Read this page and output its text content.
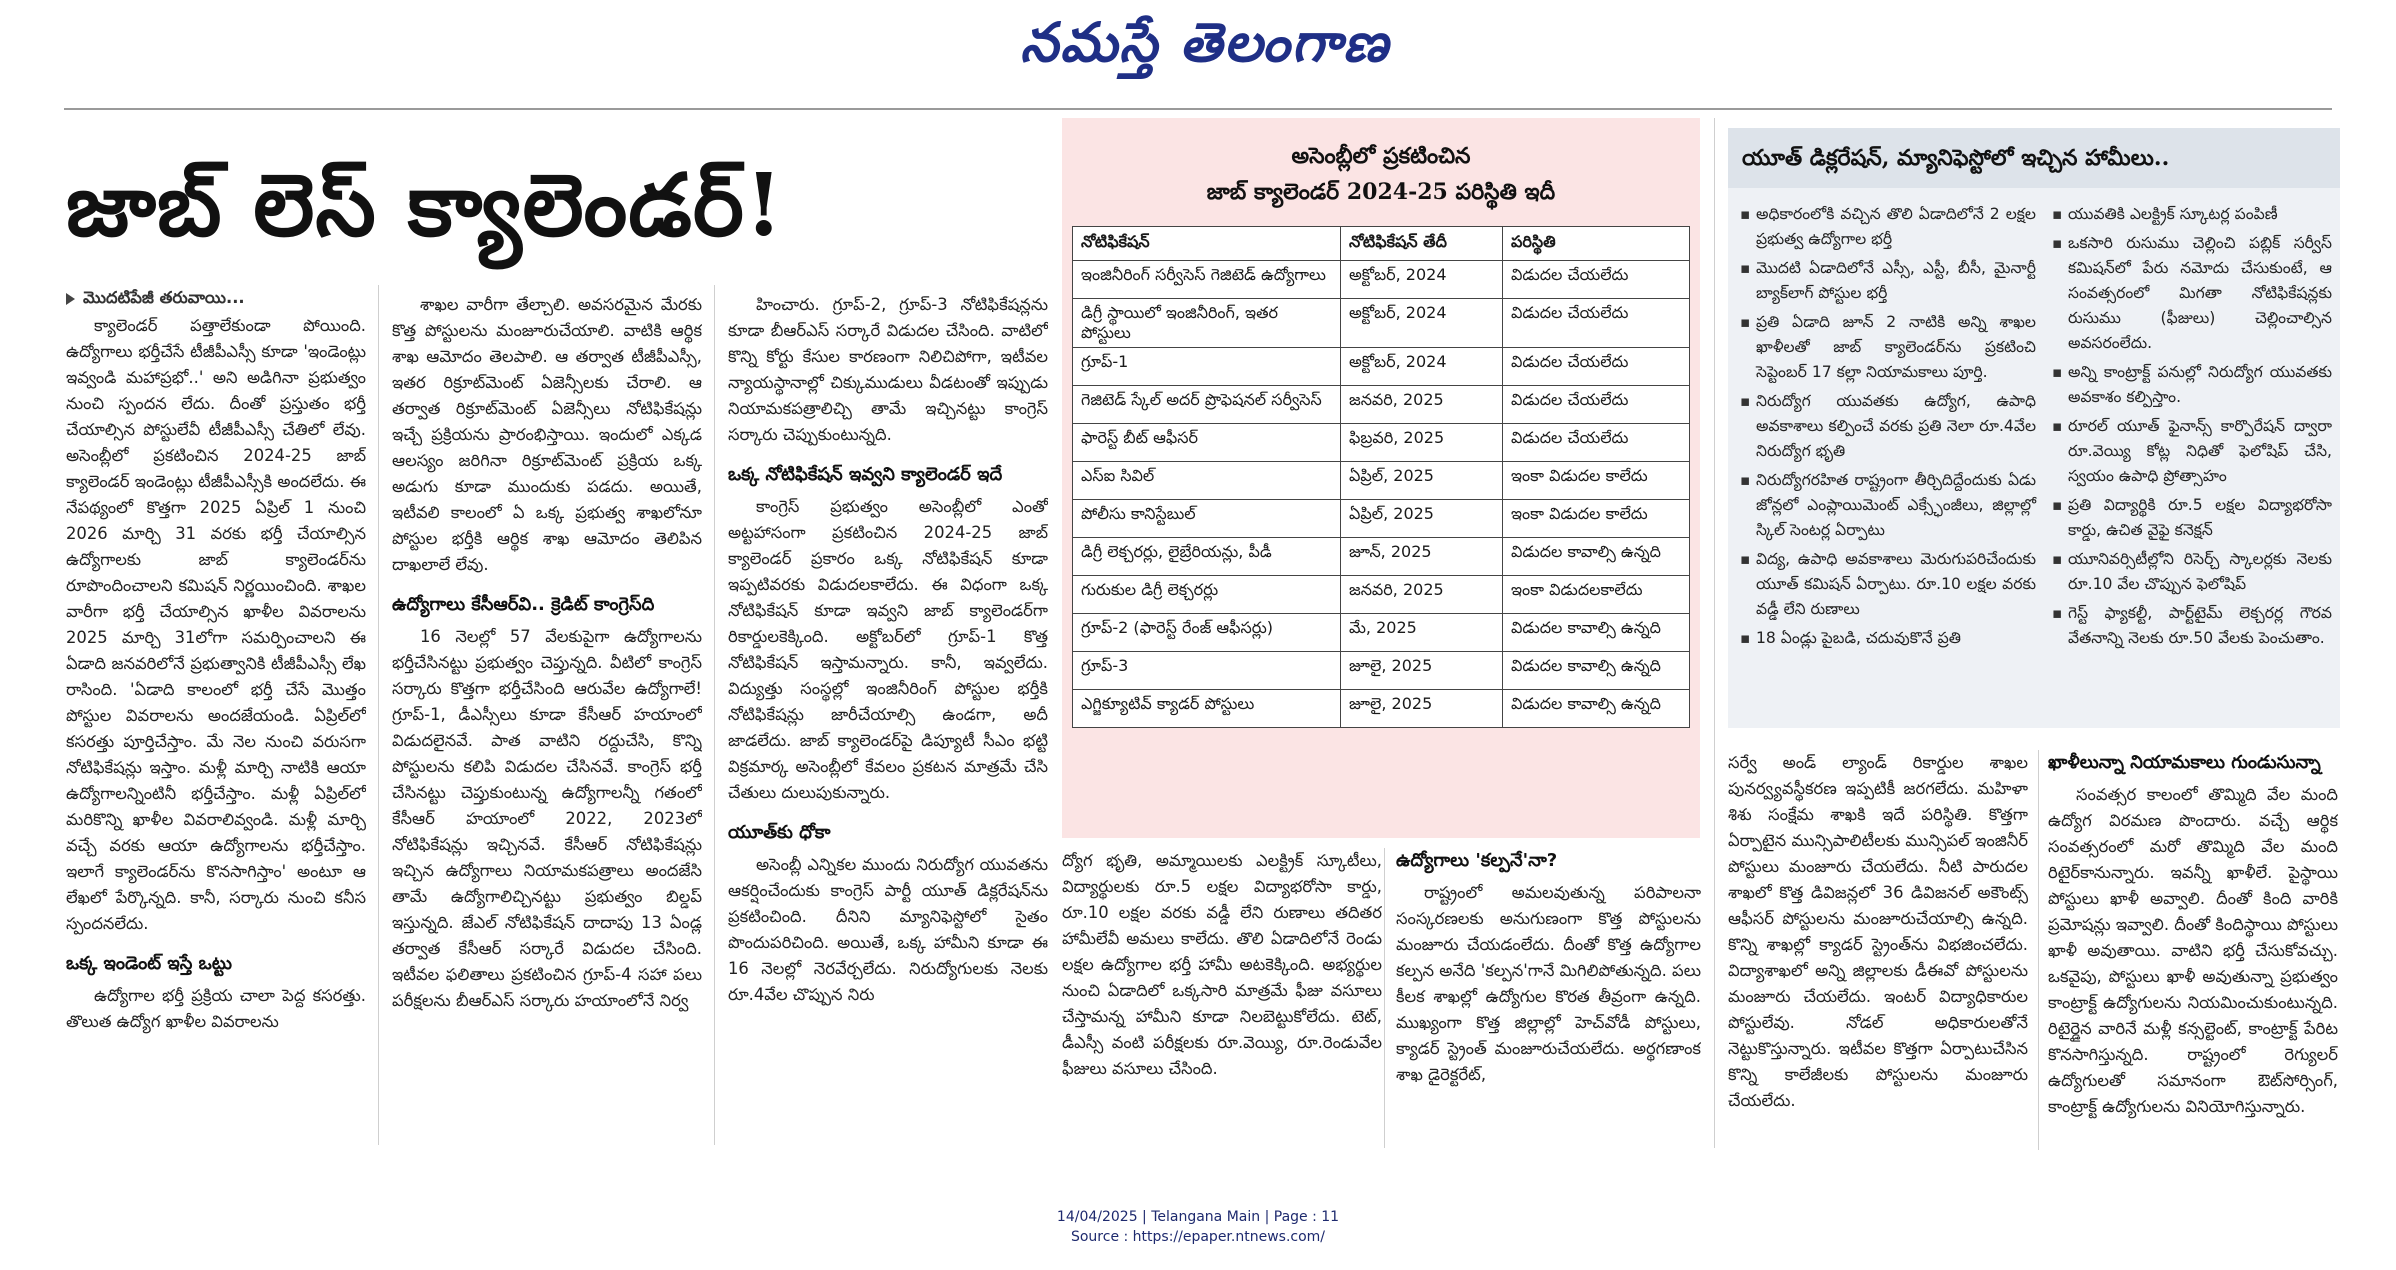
నమస్తే తెలంగాణ
జాబ్ లెస్ క్యాలెండర్!

మొదటిపేజీ తరువాయి...

క్యాలెండర్ పత్తాలేకుండా పోయింది. ఉద్యోగాలు భర్తీచేసే టీజీపీఎస్సీ కూడా 'ఇండెంట్లు ఇవ్వండి మహాప్రభో..' అని అడిగినా ప్రభుత్వం నుంచి స్పందన లేదు. దీంతో ప్రస్తుతం భర్తీ చేయాల్సిన పోస్టులేవీ టీజీపీఎస్సీ చేతిలో లేవు. అసెంబ్లీలో ప్రకటించిన 2024-25 జాబ్ క్యాలెండర్ ఇండెంట్లు టీజీపీఎస్సీకి అందలేదు. ఈ నేపథ్యంలో కొత్తగా 2025 ఏప్రిల్ 1 నుంచి 2026 మార్చి 31 వరకు భర్తీ చేయాల్సిన ఉద్యోగాలకు జాబ్ క్యాలెండర్‌ను రూపొందించాలని కమిషన్ నిర్ణయించింది. శాఖల వారీగా భర్తీ చేయాల్సిన ఖాళీల వివరాలను 2025 మార్చి 31లోగా సమర్పించాలని ఈ ఏడాది జనవరిలోనే ప్రభుత్వానికి టీజీపీఎస్సీ లేఖ రాసింది. 'ఏడాది కాలంలో భర్తీ చేసే మొత్తం పోస్టుల వివరాలను అందజేయండి. ఏప్రిల్‌లో కసరత్తు పూర్తిచేస్తాం. మే నెల నుంచి వరుసగా నోటిఫికేషన్లు ఇస్తాం. మళ్లీ మార్చి నాటికి ఆయా ఉద్యోగాలన్నింటినీ భర్తీచేస్తాం. మళ్లీ ఏప్రిల్‌లో మరికొన్ని ఖాళీల వివరాలివ్వండి. మళ్లీ మార్చి వచ్చే వరకు ఆయా ఉద్యోగాలను భర్తీచేస్తాం. ఇలాగే క్యాలెండర్‌ను కొనసాగిస్తాం' అంటూ ఆ లేఖలో పేర్కొన్నది. కానీ, సర్కారు నుంచి కనీస స్పందనలేదు.

ఒక్క ఇండెంట్ ఇస్తే ఒట్టు

ఉద్యోగాల భర్తీ ప్రక్రియ చాలా పెద్ద కసరత్తు. తొలుత ఉద్యోగ ఖాళీల వివరాలను

శాఖల వారీగా తేల్చాలి. అవసరమైన మేరకు కొత్త పోస్టులను మంజూరుచేయాలి. వాటికి ఆర్థిక శాఖ ఆమోదం తెలపాలి. ఆ తర్వాత టీజీపీఎస్సీ, ఇతర రిక్రూట్‌మెంట్ ఏజెన్సీలకు చేరాలి. ఆ తర్వాత రిక్రూట్‌మెంట్ ఏజెన్సీలు నోటిఫికేషన్లు ఇచ్చే ప్రక్రియను ప్రారంభిస్తాయి. ఇందులో ఎక్కడ ఆలస్యం జరిగినా రిక్రూట్‌మెంట్ ప్రక్రియ ఒక్క అడుగు కూడా ముందుకు పడదు. అయితే, ఇటీవలి కాలంలో ఏ ఒక్క ప్రభుత్వ శాఖలోనూ పోస్టుల భర్తీకి ఆర్థిక శాఖ ఆమోదం తెలిపిన దాఖలాలే లేవు.

ఉద్యోగాలు కేసీఆర్‌వి.. క్రెడిట్ కాంగ్రెస్‌ది

16 నెలల్లో 57 వేలకుపైగా ఉద్యోగాలను భర్తీచేసినట్టు ప్రభుత్వం చెప్తున్నది. వీటిలో కాంగ్రెస్ సర్కారు కొత్తగా భర్తీచేసింది ఆరువేల ఉద్యోగాలే! గ్రూప్-1, డీఎస్సీలు కూడా కేసీఆర్ హయాంలో విడుదలైనవే. పాత వాటిని రద్దుచేసి, కొన్ని పోస్టులను కలిపి విడుదల చేసినవే. కాంగ్రెస్ భర్తీ చేసినట్టు చెప్తుకుంటున్న ఉద్యోగాలన్నీ గతంలో కేసీఆర్ హయాంలో 2022, 2023లో నోటిఫికేషన్లు ఇచ్చినవే. కేసీఆర్ నోటిఫికేషన్లు ఇచ్చిన ఉద్యోగాలు నియామకపత్రాలు అందజేసి తామే ఉద్యోగాలిచ్చినట్టు ప్రభుత్వం బిల్డప్ ఇస్తున్నది. జేఎల్ నోటిఫికేషన్ దాదాపు 13 ఏండ్ల తర్వాత కేసీఆర్ సర్కారే విడుదల చేసింది. ఇటీవల ఫలితాలు ప్రకటించిన గ్రూప్-4 సహా పలు పరీక్షలను బీఆర్‌ఎస్ సర్కారు హయాంలోనే నిర్వ

హించారు. గ్రూప్-2, గ్రూప్-3 నోటిఫికేషన్లను కూడా బీఆర్‌ఎస్ సర్కారే విడుదల చేసింది. వాటిలో కొన్ని కోర్టు కేసుల కారణంగా నిలిచిపోగా, ఇటీవల న్యాయస్థానాల్లో చిక్కుముడులు వీడటంతో ఇప్పుడు నియామకపత్రాలిచ్చి తామే ఇచ్చినట్టు కాంగ్రెస్ సర్కారు చెప్పుకుంటున్నది.

ఒక్క నోటిఫికేషన్ ఇవ్వని క్యాలెండర్ ఇదే

కాంగ్రెస్ ప్రభుత్వం అసెంబ్లీలో ఎంతో అట్టహాసంగా ప్రకటించిన 2024-25 జాబ్ క్యాలెండర్ ప్రకారం ఒక్క నోటిఫికేషన్ కూడా ఇప్పటివరకు విడుదలకాలేదు. ఈ విధంగా ఒక్క నోటిఫికేషన్ కూడా ఇవ్వని జాబ్ క్యాలెండర్‌గా రికార్డులకెక్కింది. అక్టోబర్‌లో గ్రూప్-1 కొత్త నోటిఫికేషన్ ఇస్తామన్నారు. కానీ, ఇవ్వలేదు. విద్యుత్తు సంస్థల్లో ఇంజినీరింగ్ పోస్టుల భర్తీకి నోటిఫికేషన్లు జారీచేయాల్సి ఉండగా, అదీ జాడలేదు. జాబ్ క్యాలెండర్‌పై డిప్యూటీ సీఎం భట్టి విక్రమార్క అసెంబ్లీలో కేవలం ప్రకటన మాత్రమే చేసి చేతులు దులుపుకున్నారు.

యూత్‌కు ధోకా

అసెంబ్లీ ఎన్నికల ముందు నిరుద్యోగ యువతను ఆకర్షించేందుకు కాంగ్రెస్ పార్టీ యూత్ డిక్లరేషన్‌ను ప్రకటించింది. దీనిని మ్యానిఫెస్టోలో సైతం పొందుపరిచింది. అయితే, ఒక్క హామీని కూడా ఈ 16 నెలల్లో నెరవేర్చలేదు. నిరుద్యోగులకు నెలకు రూ.4వేల చొప్పున నిరు

అసెంబ్లీలో ప్రకటించిన
జాబ్ క్యాలెండర్ 2024-25 పరిస్థితి ఇదీ
నోటిఫికేషన్	నోటిఫికేషన్ తేదీ	పరిస్థితి
ఇంజినీరింగ్ సర్వీసెస్ గెజిటెడ్ ఉద్యోగాలు	అక్టోబర్, 2024	విడుదల చేయలేదు
డిగ్రీ స్థాయిలో ఇంజినీరింగ్, ఇతర పోస్టులు	అక్టోబర్, 2024	విడుదల చేయలేదు
గ్రూప్-1	అక్టోబర్, 2024	విడుదల చేయలేదు
గెజిటెడ్ స్కేల్ అదర్ ప్రొఫెషనల్ సర్వీసెస్	జనవరి, 2025	విడుదల చేయలేదు
ఫారెస్ట్ బీట్ ఆఫీసర్	ఫిబ్రవరి, 2025	విడుదల చేయలేదు
ఎస్‌ఐ సివిల్	ఏప్రిల్, 2025	ఇంకా విడుదల కాలేదు
పోలీసు కానిస్టేబుల్	ఏప్రిల్, 2025	ఇంకా విడుదల కాలేదు
డిగ్రీ లెక్చరర్లు, లైబ్రేరియన్లు, పీడీ	జూన్, 2025	విడుదల కావాల్సి ఉన్నది
గురుకుల డిగ్రీ లెక్చరర్లు	జనవరి, 2025	ఇంకా విడుదలకాలేదు
గ్రూప్-2 (ఫారెస్ట్ రేంజ్ ఆఫీసర్లు)	మే, 2025	విడుదల కావాల్సి ఉన్నది
గ్రూప్-3	జూలై, 2025	విడుదల కావాల్సి ఉన్నది
ఎగ్జిక్యూటివ్ క్యాడర్ పోస్టులు	జూలై, 2025	విడుదల కావాల్సి ఉన్నది

ద్యోగ భృతి, అమ్మాయిలకు ఎలక్ట్రిక్ స్కూటీలు, విద్యార్థులకు రూ.5 లక్షల విద్యాభరోసా కార్డు, రూ.10 లక్షల వరకు వడ్డీ లేని రుణాలు తదితర హామీలేవీ అమలు కాలేదు. తొలి ఏడాదిలోనే రెండు లక్షల ఉద్యోగాల భర్తీ హామీ అటకెక్కింది. అభ్యర్థుల నుంచి ఏడాదిలో ఒక్కసారి మాత్రమే ఫీజు వసూలు చేస్తామన్న హామీని కూడా నిలబెట్టుకోలేదు. టెట్, డీఎస్సీ వంటి పరీక్షలకు రూ.వెయ్యి, రూ.రెండువేల ఫీజులు వసూలు చేసింది.

ఉద్యోగాలు 'కల్పనే'నా?

రాష్ట్రంలో అమలవుతున్న పరిపాలనా సంస్కరణలకు అనుగుణంగా కొత్త పోస్టులను మంజూరు చేయడంలేదు. దీంతో కొత్త ఉద్యోగాల కల్పన అనేది 'కల్పన'గానే మిగిలిపోతున్నది. పలు కీలక శాఖల్లో ఉద్యోగుల కొరత తీవ్రంగా ఉన్నది. ముఖ్యంగా కొత్త జిల్లాల్లో హెచ్‌వోడీ పోస్టులు, క్యాడర్ స్ట్రెంత్ మంజూరుచేయలేదు. అర్థగణాంక శాఖ డైరెక్టరేట్,

యూత్ డిక్లరేషన్, మ్యానిఫెస్టోలో ఇచ్చిన హామీలు..
▪ అధికారంలోకి వచ్చిన తొలి ఏడాదిలోనే 2 లక్షల ప్రభుత్వ ఉద్యోగాల భర్తీ
▪ మొదటి ఏడాదిలోనే ఎస్సీ, ఎస్టీ, బీసీ, మైనార్టీ బ్యాక్‌లాగ్ పోస్టుల భర్తీ
▪ ప్రతి ఏడాది జూన్ 2 నాటికి అన్ని శాఖల ఖాళీలతో జాబ్ క్యాలెండర్‌ను ప్రకటించి సెప్టెంబర్ 17 కల్లా నియామకాలు పూర్తి.
▪ నిరుద్యోగ యువతకు ఉద్యోగ, ఉపాధి అవకాశాలు కల్పించే వరకు ప్రతి నెలా రూ.4వేల నిరుద్యోగ భృతి
▪ నిరుద్యోగరహిత రాష్ట్రంగా తీర్చిదిద్దేందుకు ఏడు జోన్లలో ఎంప్లాయిమెంట్ ఎక్స్ఛేంజీలు, జిల్లాల్లో స్కిల్ సెంటర్ల ఏర్పాటు
▪ విద్య, ఉపాధి అవకాశాలు మెరుగుపరిచేందుకు యూత్ కమిషన్ ఏర్పాటు. రూ.10 లక్షల వరకు వడ్డీ లేని రుణాలు
▪ 18 ఏండ్లు పైబడి, చదువుకొనే ప్రతి
▪ యువతికి ఎలక్ట్రిక్ స్కూటర్ల పంపిణీ
▪ ఒకసారి రుసుము చెల్లించి పబ్లిక్ సర్వీస్ కమిషన్‌లో పేరు నమోదు చేసుకుంటే, ఆ సంవత్సరంలో మిగతా నోటిఫికేషన్లకు రుసుము (ఫీజులు) చెల్లించాల్సిన అవసరంలేదు.
▪ అన్ని కాంట్రాక్ట్ పనుల్లో నిరుద్యోగ యువతకు అవకాశం కల్పిస్తాం.
▪ రూరల్ యూత్ ఫైనాన్స్ కార్పొరేషన్ ద్వారా రూ.వెయ్యి కోట్ల నిధితో ఫెలోషిప్ చేసి, స్వయం ఉపాధి ప్రోత్సాహం
▪ ప్రతి విద్యార్థికి రూ.5 లక్షల విద్యాభరోసా కార్డు, ఉచిత వైఫై కనెక్షన్
▪ యూనివర్సిటీల్లోని రిసెర్చ్ స్కాలర్లకు నెలకు రూ.10 వేల చొప్పున ఫెలోషిప్
▪ గెస్ట్ ఫ్యాకల్టీ, పార్ట్‌టైమ్ లెక్చరర్ల గౌరవ వేతనాన్ని నెలకు రూ.50 వేలకు పెంచుతాం.

సర్వే అండ్ ల్యాండ్ రికార్డుల శాఖల పునర్వ్యవస్థీకరణ ఇప్పటికీ జరగలేదు. మహిళా శిశు సంక్షేమ శాఖకి ఇదే పరిస్థితి. కొత్తగా ఏర్పాటైన మున్సిపాలిటీలకు మున్సిపల్ ఇంజినీర్ పోస్టులు మంజూరు చేయలేదు. నీటి పారుదల శాఖలో కొత్త డివిజన్లలో 36 డివిజనల్ అకౌంట్స్ ఆఫీసర్ పోస్టులను మంజూరుచేయాల్సి ఉన్నది. కొన్ని శాఖల్లో క్యాడర్ స్ట్రెంత్‌ను విభజించలేదు. విద్యాశాఖలో అన్ని జిల్లాలకు డీఈవో పోస్టులను మంజూరు చేయలేదు. ఇంటర్ విద్యాధికారుల పోస్టులేవు. నోడల్ అధికారులతోనే నెట్టుకొస్తున్నారు. ఇటీవల కొత్తగా ఏర్పాటుచేసిన కొన్ని కాలేజీలకు పోస్టులను మంజూరు చేయలేదు.

ఖాళీలున్నా నియామకాలు గుండుసున్నా

సంవత్సర కాలంలో తొమ్మిది వేల మంది ఉద్యోగ విరమణ పొందారు. వచ్చే ఆర్థిక సంవత్సరంలో మరో తొమ్మిది వేల మంది రిటైర్‌కానున్నారు. ఇవన్నీ ఖాళీలే. పైస్థాయి పోస్టులు ఖాళీ అవ్వాలి. దీంతో కింది వారికి ప్రమోషన్లు ఇవ్వాలి. దీంతో కిందిస్థాయి పోస్టులు ఖాళీ అవుతాయి. వాటిని భర్తీ చేసుకోవచ్చు. ఒకవైపు, పోస్టులు ఖాళీ అవుతున్నా ప్రభుత్వం కాంట్రాక్ట్ ఉద్యోగులను నియమించుకుంటున్నది. రిటైర్డైన వారినే మళ్లీ కన్సల్టెంట్, కాంట్రాక్ట్ పేరిట కొనసాగిస్తున్నది. రాష్ట్రంలో రెగ్యులర్ ఉద్యోగులతో సమానంగా ఔట్‌సోర్సింగ్, కాంట్రాక్ట్ ఉద్యోగులను వినియోగిస్తున్నారు.

14/04/2025 | Telangana Main | Page : 11
Source : https://epaper.ntnews.com/
